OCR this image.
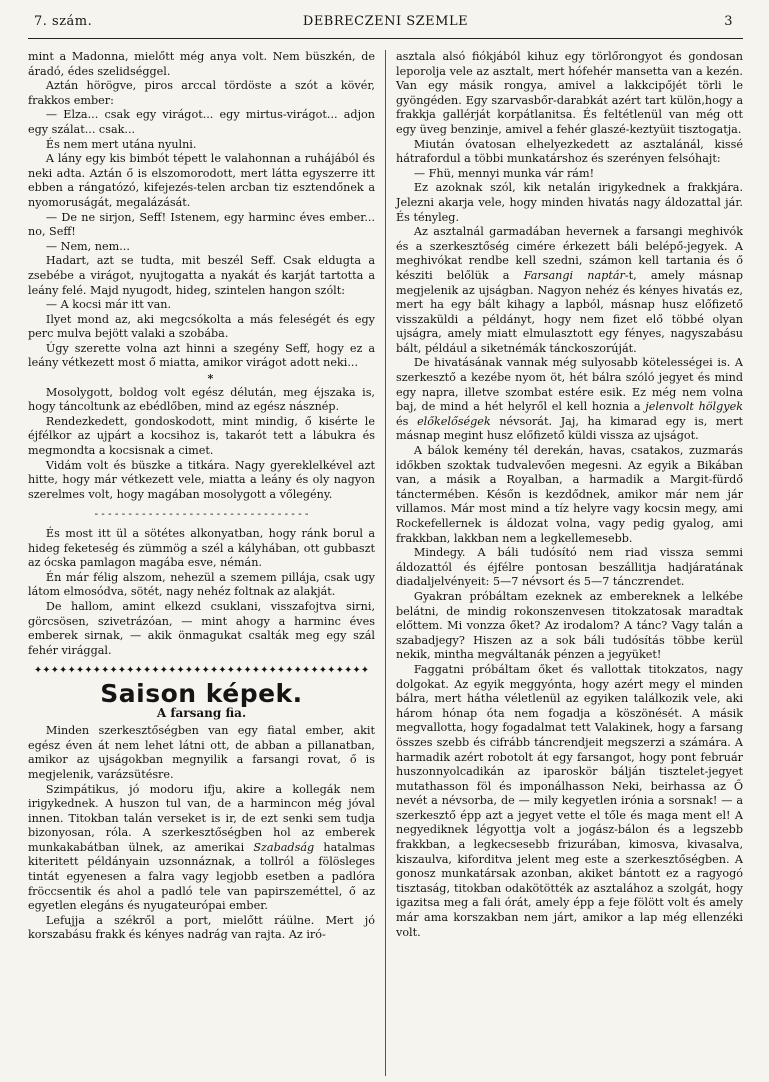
7. szám.	DEBRECZENI SZEMLE	3

mint a Madonna, mielőtt még anya volt. Nem büszkén, de áradó, édes szelidséggel.

Aztán hörögve, piros arccal tördöste a szót a kövér, frakkos ember:

— Elza... csak egy virágot... egy mirtus-virágot... adjon egy szálat... csak...

És nem mert utána nyulni.

A lány egy kis bimbót tépett le valahonnan a ruhájából és neki adta. Aztán ő is elszomorodott, mert látta egyszerre itt ebben a rángatózó, kifejezés-telen arcban tiz esztendőnek a nyomoruságát, megalázását.

— De ne sirjon, Seff! Istenem, egy harminc éves ember... no, Seff!

— Nem, nem...

Hadart, azt se tudta, mit beszél Seff. Csak eldugta a zsebébe a virágot, nyujtogatta a nyakát és karját tartotta a leány felé. Majd nyugodt, hideg, szintelen hangon szólt:

— A kocsi már itt van.

Ilyet mond az, aki megcsókolta a más feleségét és egy perc mulva bejött valaki a szobába.

Úgy szerette volna azt hinni a szegény Seff, hogy ez a leány vétkezett most ő miatta, amikor virágot adott neki...

*

Mosolygott, boldog volt egész délután, meg éjszaka is, hogy táncoltunk az ebédlőben, mind az egész násznép.

Rendezkedett, gondoskodott, mint mindig, ő kisérte le éjfélkor az ujpárt a kocsihoz is, takarót tett a lábukra és megmondta a kocsisnak a cimet.

Vidám volt és büszke a titkára. Nagy gyereklelkével azt hitte, hogy már vétkezett vele, miatta a leány és oly nagyon szerelmes volt, hogy magában mosolygott a vőlegény.

- - - - - - - - - - - - - - - - - - - - - - - - - - - - - - - -

És most itt ül a sötétes alkonyatban, hogy ránk borul a hideg feketeség és zümmög a szél a kályhában, ott gubbaszt az ócska pamlagon magába esve, némán.

Én már félig alszom, nehezül a szemem pillája, csak ugy látom elmosódva, sötét, nagy nehéz foltnak az alakját.

De hallom, amint elkezd csuklani, visszafojtva sirni, görcsösen, szivetrázóan, — mint ahogy a harminc éves emberek sirnak, — akik önmagukat csalták meg egy szál fehér virággal.

✦✦✦✦✦✦✦✦✦✦✦✦✦✦✦✦✦✦✦✦✦✦✦✦✦✦✦✦✦✦✦✦✦✦✦✦✦✦✦✦
Saison képek.
A farsang fia.

Minden szerkesztőségben van egy fiatal ember, akit egész éven át nem lehet látni ott, de abban a pillanatban, amikor az ujságokban megnyilik a farsangi rovat, ő is megjelenik, varázsütésre.

Szimpátikus, jó modoru ifju, akire a kollegák nem irigykednek. A huszon tul van, de a harmincon még jóval innen. Titokban talán verseket is ir, de ezt senki sem tudja bizonyosan, róla. A szerkesztőségben hol az emberek munkakabátban ülnek, az amerikai Szabadság hatalmas kiteritett példányain uzsonnáznak, a tollról a fölösleges tintát egyenesen a falra vagy legjobb esetben a padlóra fröccsentik és ahol a padló tele van papirszeméttel, ő az egyetlen elegáns és nyugateurópai ember.

Lefujja a székről a port, mielőtt ráülne. Mert jó korszabásu frakk és kényes nadrág van rajta. Az iró-

asztala alsó fiókjából kihuz egy törlőrongyot és gondosan leporolja vele az asztalt, mert hófehér mansetta van a kezén. Van egy másik rongya, amivel a lakkcipőjét törli le gyöngéden. Egy szarvasbőr-darabkát azért tart külön,hogy a frakkja gallérját korpátlanitsa. És feltétlenül van még ott egy üveg benzinje, amivel a fehér glaszé-keztyüit tisztogatja.

Miután óvatosan elhelyezkedett az asztalánál, kissé hátrafordul a többi munkatárshoz és szerényen felsóhajt:

— Fhü, mennyi munka vár rám!

Ez azoknak szól, kik netalán irigykednek a frakkjára. Jelezni akarja vele, hogy minden hivatás nagy áldozattal jár. És tényleg.

Az asztalnál garmadában hevernek a farsangi meghivók és a szerkesztőség cimére érkezett báli belépő-jegyek. A meghivókat rendbe kell szedni, számon kell tartania és ő késziti belőlük a Farsangi naptár-t, amely másnap megjelenik az ujságban. Nagyon nehéz és kényes hivatás ez, mert ha egy bált kihagy a lapból, másnap husz előfizető visszaküldi a példányt, hogy nem fizet elő többé olyan ujságra, amely miatt elmulasztott egy fényes, nagyszabásu bált, például a siketnémák tánckoszorúját.

De hivatásának vannak még sulyosabb kötelességei is. A szerkesztő a kezébe nyom öt, hét bálra szóló jegyet és mind egy napra, illetve szombat estére esik. Ez még nem volna baj, de mind a hét helyről el kell hoznia a jelenvolt hölgyek és előkelőségek névsorát. Jaj, ha kimarad egy is, mert másnap megint husz előfizető küldi vissza az ujságot.

A bálok kemény tél derekán, havas, csatakos, zuzmarás időkben szoktak tudvalevően megesni. Az egyik a Bikában van, a másik a Royalban, a harmadik a Margit-fürdő táncterméb​en. Későn is kezdődnek, amikor már nem jár villamos. Már most mind a tíz helyre vagy kocsin megy, ami Rockefellernek is áldozat volna, vagy pedig gyalog, ami frakkban, lakkban nem a legkellemesebb.

Mindegy. A báli tudósító nem riad vissza semmi áldozattól és éjfélre pontosan beszállitja hadjáratának diadaljelvényeit: 5—7 névsort és 5—7 tánczrendet.

Gyakran próbáltam ezeknek az embereknek a lelkébe belátni, de mindig rokonszenvesen titokzatosak maradtak előttem. Mi vonzza őket? Az irodalom? A tánc? Vagy talán a szabadjegy? Hiszen az a sok báli tudósítás többe kerül nekik, mintha megváltanák pénzen a jegyüket!

Faggatni próbáltam őket és vallottak titokzatos, nagy dolgokat. Az egyik meggyónta, hogy azért megy el minden bálra, mert hátha véletlenül az egyiken találkozik vele, aki három hónap óta nem fogadja a köszönését. A másik megvallotta, hogy fogadalmat tett Valakinek, hogy a farsang összes szebb és cifrább táncrendjeit megszerzi a számára. A harmadik azért robotolt át egy farsangot, hogy pont febr​uár huszonnyolcadikán az iparoskör bálján tisztelet-jegyet mutathasson föl és imponálhasson Neki, beirhassa az Ő nevét a névsorba, de — mily kegyetlen irónia a sorsnak! — a szerkesztő épp azt a jegyet vette el tőle és maga ment el! A negyediknek légyottja volt a jogász-bálon és a legszebb frakkban, a legkecsesebb frizurában, kimosva, kivasalva, kiszaulva, kiforditva jelent meg este a szerkesztőségben. A gonosz munkatársak azonban, akiket bántott ez a ragyogó tisztaság, titokban odakötötték az asztalához a szolgát, hogy igazitsa meg a fali órát, amely épp a feje fölött volt és amely már ama korszakban nem járt, amikor a lap még ellenzéki volt.
